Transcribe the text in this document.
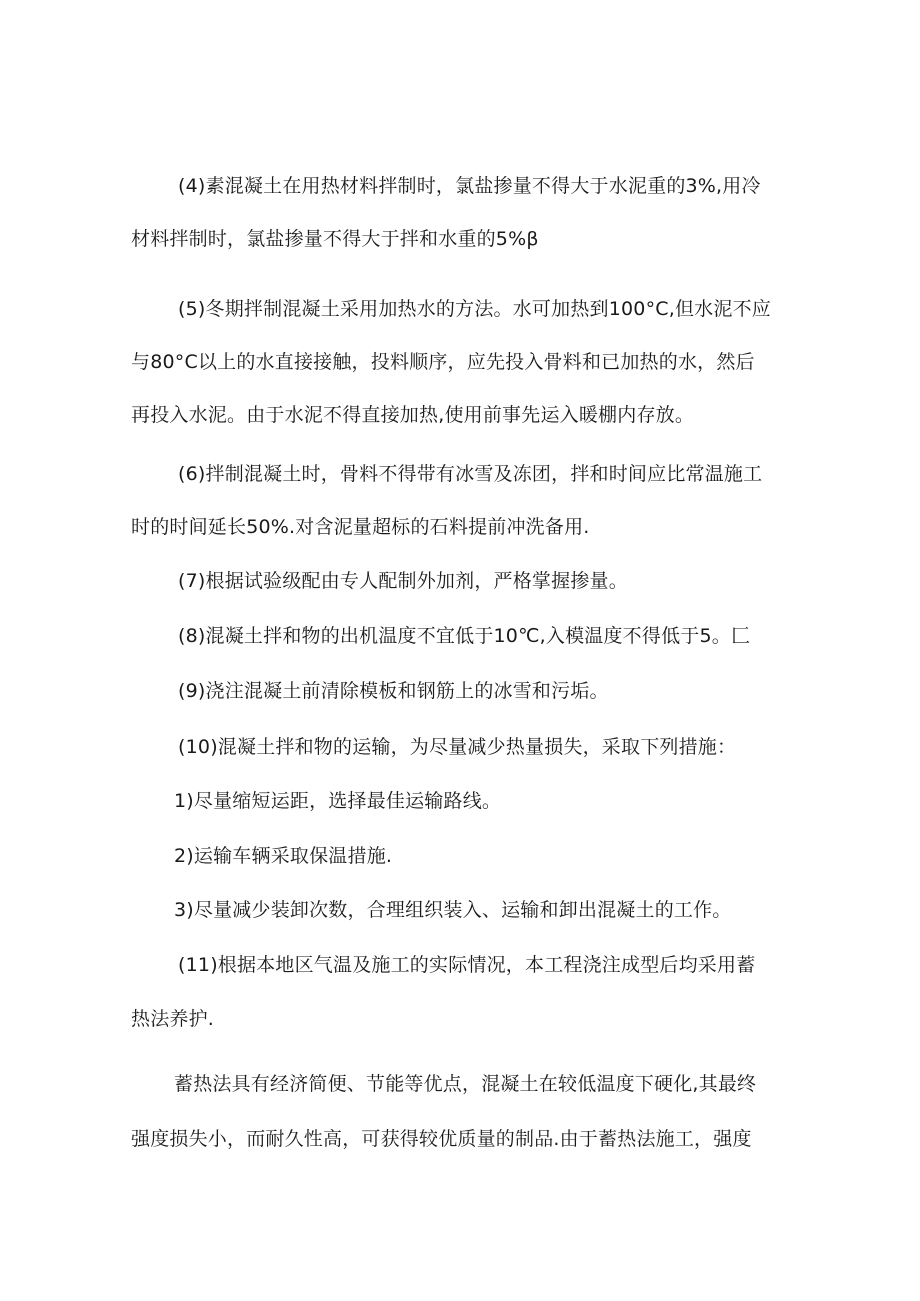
(4)素混凝土在用热材料拌制时，氯盐掺量不得大于水泥重的3%,用冷
材料拌制时，氯盐掺量不得大于拌和水重的5%β
(5)冬期拌制混凝土采用加热水的方法。水可加热到100°C,但水泥不应
与80°C以上的水直接接触，投料顺序，应先投入骨料和已加热的水，然后
再投入水泥。由于水泥不得直接加热,使用前事先运入暖棚内存放。
(6)拌制混凝土时，骨料不得带有冰雪及冻团，拌和时间应比常温施工
时的时间延长50%.对含泥量超标的石料提前冲洗备用.
(7)根据试验级配由专人配制外加剂，严格掌握掺量。
(8)混凝土拌和物的出机温度不宜低于10℃,入模温度不得低于5。匚
(9)浇注混凝土前清除模板和钢筋上的冰雪和污垢。
(10)混凝土拌和物的运输，为尽量减少热量损失，采取下列措施：
1)尽量缩短运距，选择最佳运输路线。
2)运输车辆采取保温措施.
3)尽量减少装卸次数，合理组织装入、运输和卸出混凝土的工作。
(11)根据本地区气温及施工的实际情况，本工程浇注成型后均采用蓄
热法养护.
蓄热法具有经济简便、节能等优点，混凝土在较低温度下硬化,其最终
强度损失小，而耐久性高，可获得较优质量的制品.由于蓄热法施工，强度
